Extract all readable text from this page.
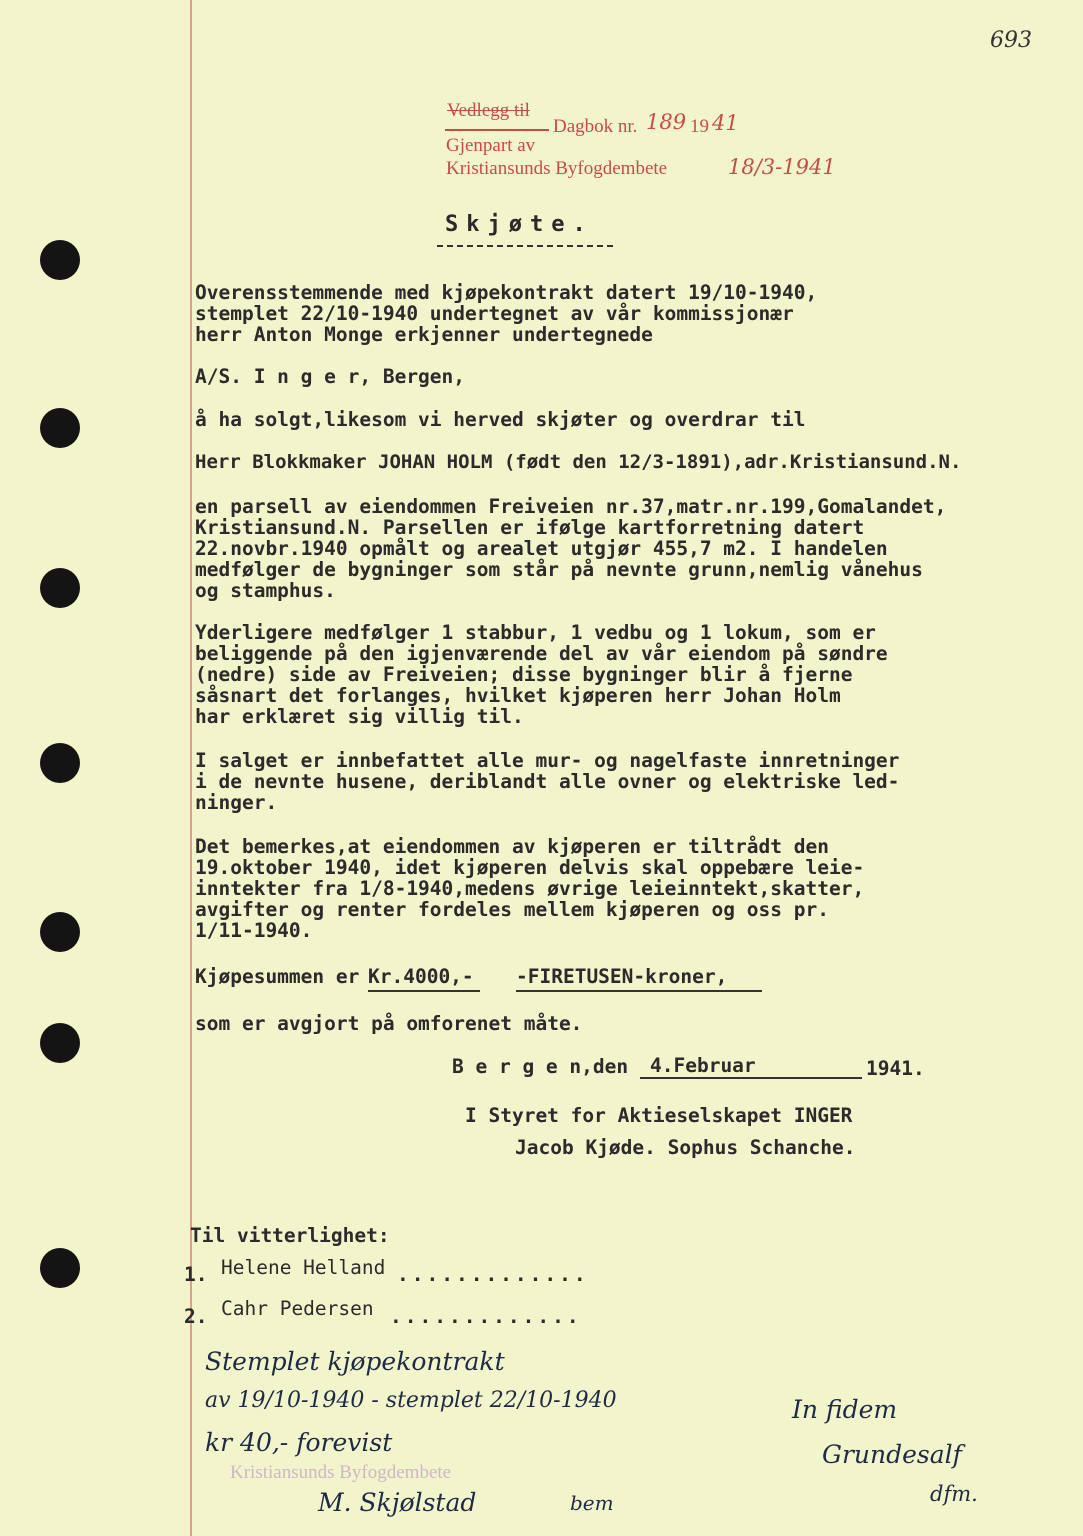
693
Vedlegg til
Dagbok nr. 189 19 41
Gjenpart av
Kristiansunds Byfogdembete	18/3-1941
Skjøte.
Overensstemmende med kjøpekontrakt datert 19/10-1940,
stemplet 22/10-1940 undertegnet av vår kommissjonær
herr Anton Monge erkjenner undertegnede
A/S. I n g e r, Bergen,
å ha solgt,likesom vi herved skjøter og overdrar til
Herr Blokkmaker JOHAN HOLM (født den 12/3-1891),adr.Kristiansund.N.
en parsell av eiendommen Freiveien nr.37,matr.nr.199,Gomalandet,
Kristiansund.N. Parsellen er ifølge kartforretning datert
22.novbr.1940 opmålt og arealet utgjør 455,7 m2. I handelen
medfølger de bygninger som står på nevnte grunn,nemlig vånehus
og stamphus.
Yderligere medfølger 1 stabbur, 1 vedbu og 1 lokum, som er
beliggende på den igjenværende del av vår eiendom på søndre
(nedre) side av Freiveien; disse bygninger blir å fjerne
såsnart det forlanges, hvilket kjøperen herr Johan Holm
har erklæret sig villig til.
I salget er innbefattet alle mur- og nagelfaste innretninger
i de nevnte husene, deriblandt alle ovner og elektriske led-
ninger.
Det bemerkes,at eiendommen av kjøperen er tiltrådt den
19.oktober 1940, idet kjøperen delvis skal oppebære leie-
inntekter fra 1/8-1940,medens øvrige leieinntekt,skatter,
avgifter og renter fordeles mellem kjøperen og oss pr.
1/11-1940.
Kjøpesummen er Kr.4000,- -FIRETUSEN-kroner,
som er avgjort på omforenet måte.
B e r g e n,den 4.Februar	1941.
I Styret for Aktieselskapet INGER
Jacob Kjøde. Sophus Schanche.
Til vitterlighet:
1. Helene Helland .............
2. Cahr Pedersen .............
Stemplet kjøpekontrakt
av 19/10-1940 - stemplet 22/10-1940
kr 40,- forevist
In fidem
Grundesalf
dfm.
Kristiansunds Byfogdembete
M. Skjølstad	bem
